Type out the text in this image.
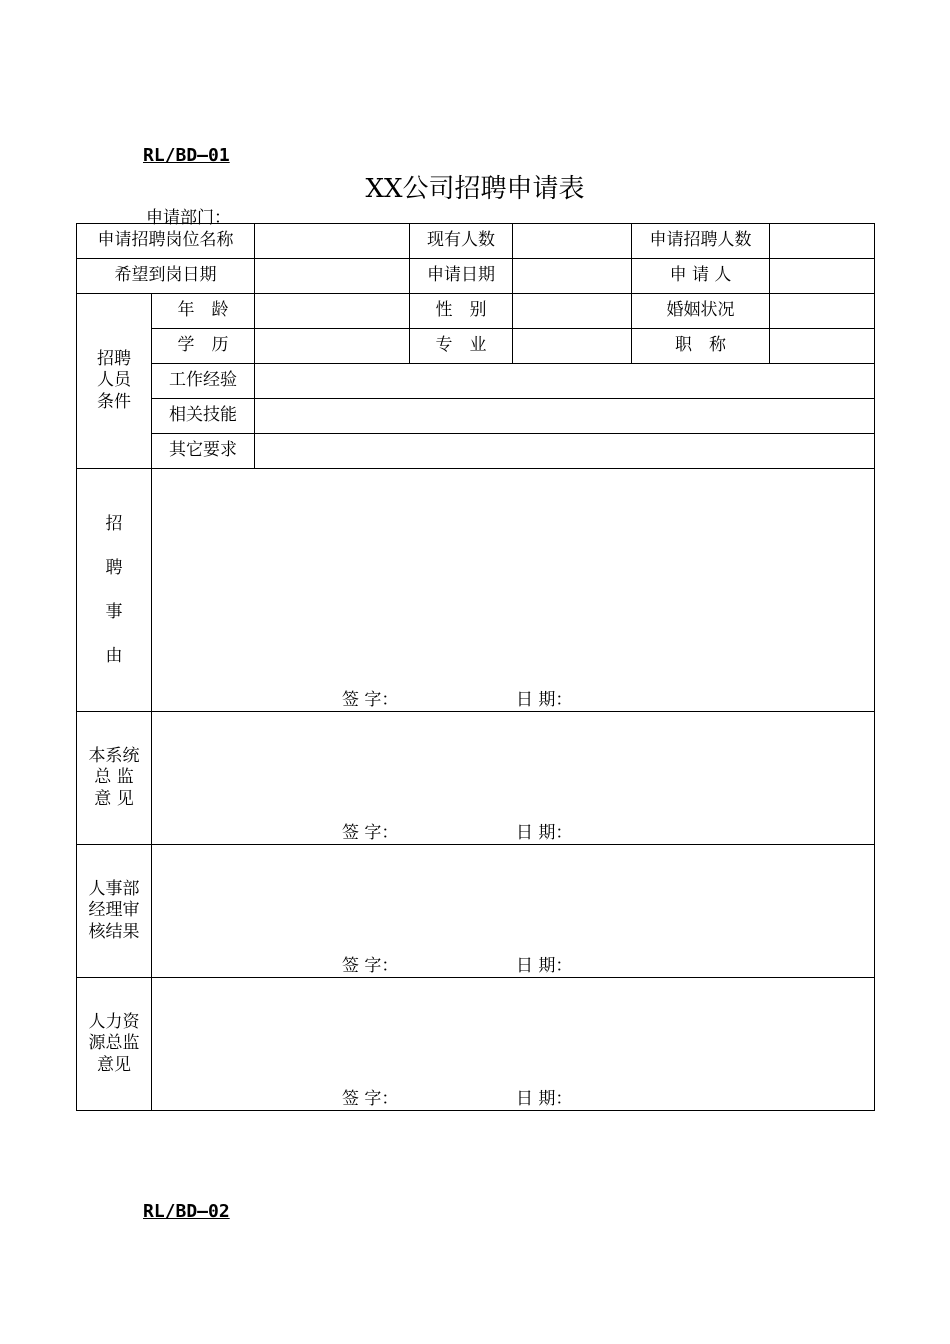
RL/BD—01
XX公司招聘申请表
申请部门：
申请招聘岗位名称			现有人数		申请招聘人数	
希望到岗日期			申请日期		申 请 人	
招聘
人员
条件	年　龄		性　别		婚姻状况	
	学　历		专　业		职　称	
	工作经验					
	相关技能					
	其它要求					
招
聘
事
由	签 字： 日 期：					

本系统
总 监
意 见	签 字： 日 期：					

人事部
经理审
核结果	签 字： 日 期：					

人力资
源总监
意见	签 字： 日 期：					
RL/BD—02
